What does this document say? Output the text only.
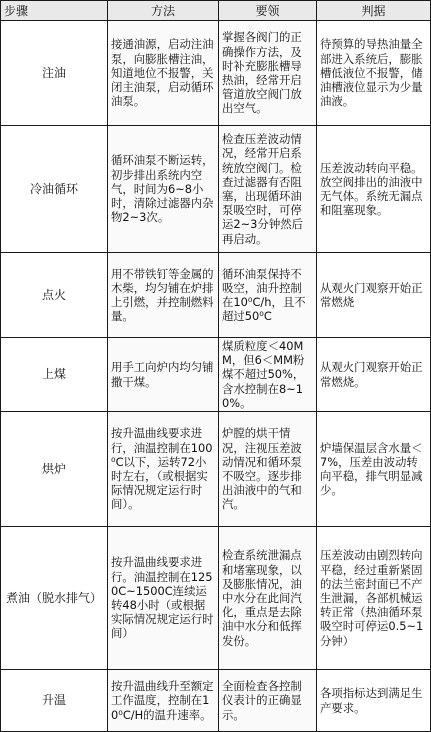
步骤	方法	要领	判据
注油	接通油源，启动注油泵，向膨胀槽注油，知道地位不报警，关闭主油泵，启动循环油泵。	掌握各阀门的正确操作方法，及时补充膨胀槽导热油，经常开启管道放空阀门放出空气。	待预算的导热油量全部进入系统后，膨胀槽低液位不报警，储油槽液位显示为少量油液。
冷油循环	循环油泵不断运转，初步排出系统内空气，时间为6~8小时，清除过滤器内杂物2~3次。	检查压差波动情况，经常开启系统放空阀门。检查过滤器有否阻塞，出现循环油泵吸空时，可停运2~3分钟然后再启动。	压差波动转向平稳。放空阀排出的油液中无气体。系统无漏点和阻塞现象。
点火	用不带铁钉等金属的木柴，均匀铺在炉排上引燃，并控制燃料量。	循环油泵保持不吸空，油升控制在10⁰C/h，且不超过50⁰C	从观火门观察开始正常燃烧
上煤	用手工向炉内均匀铺撒干煤。	煤质粒度＜40MM，但6＜MM粉煤不超过50%，含水控制在8~10%。	从观火门观察开始正常燃烧。
烘炉	按升温曲线要求进行，油温控制在100⁰C以下，运转72小时左右，（或根据实际情况规定运行时间）。	炉膛的烘干情况，注视压差波动情况和循环泵不吸空。逐步排出油液中的气和汽。	炉墙保温层含水量＜7%，压差由波动转向平稳，排气明显减少。
煮油（脱水排气）	按升温曲线要求进行。油温控制在1250C~1500C连续运转48小时（或根据实际情况规定运行时间）	检查系统泄漏点和堵塞现象，以及膨胀情况，油中水分在此间汽化，重点是去除油中水分和低挥发份。	压差波动由剧烈转向平稳，经过重新紧固的法兰密封面已不产生泄漏，各部机械运转正常（热油循环泵吸空时可停运0.5~1分钟）
升温	按升温曲线升至额定工作温度，控制在10⁰C/H的温升速率。	全面检查各控制仪表计的正确显示。	各项指标达到满足生产要求。
